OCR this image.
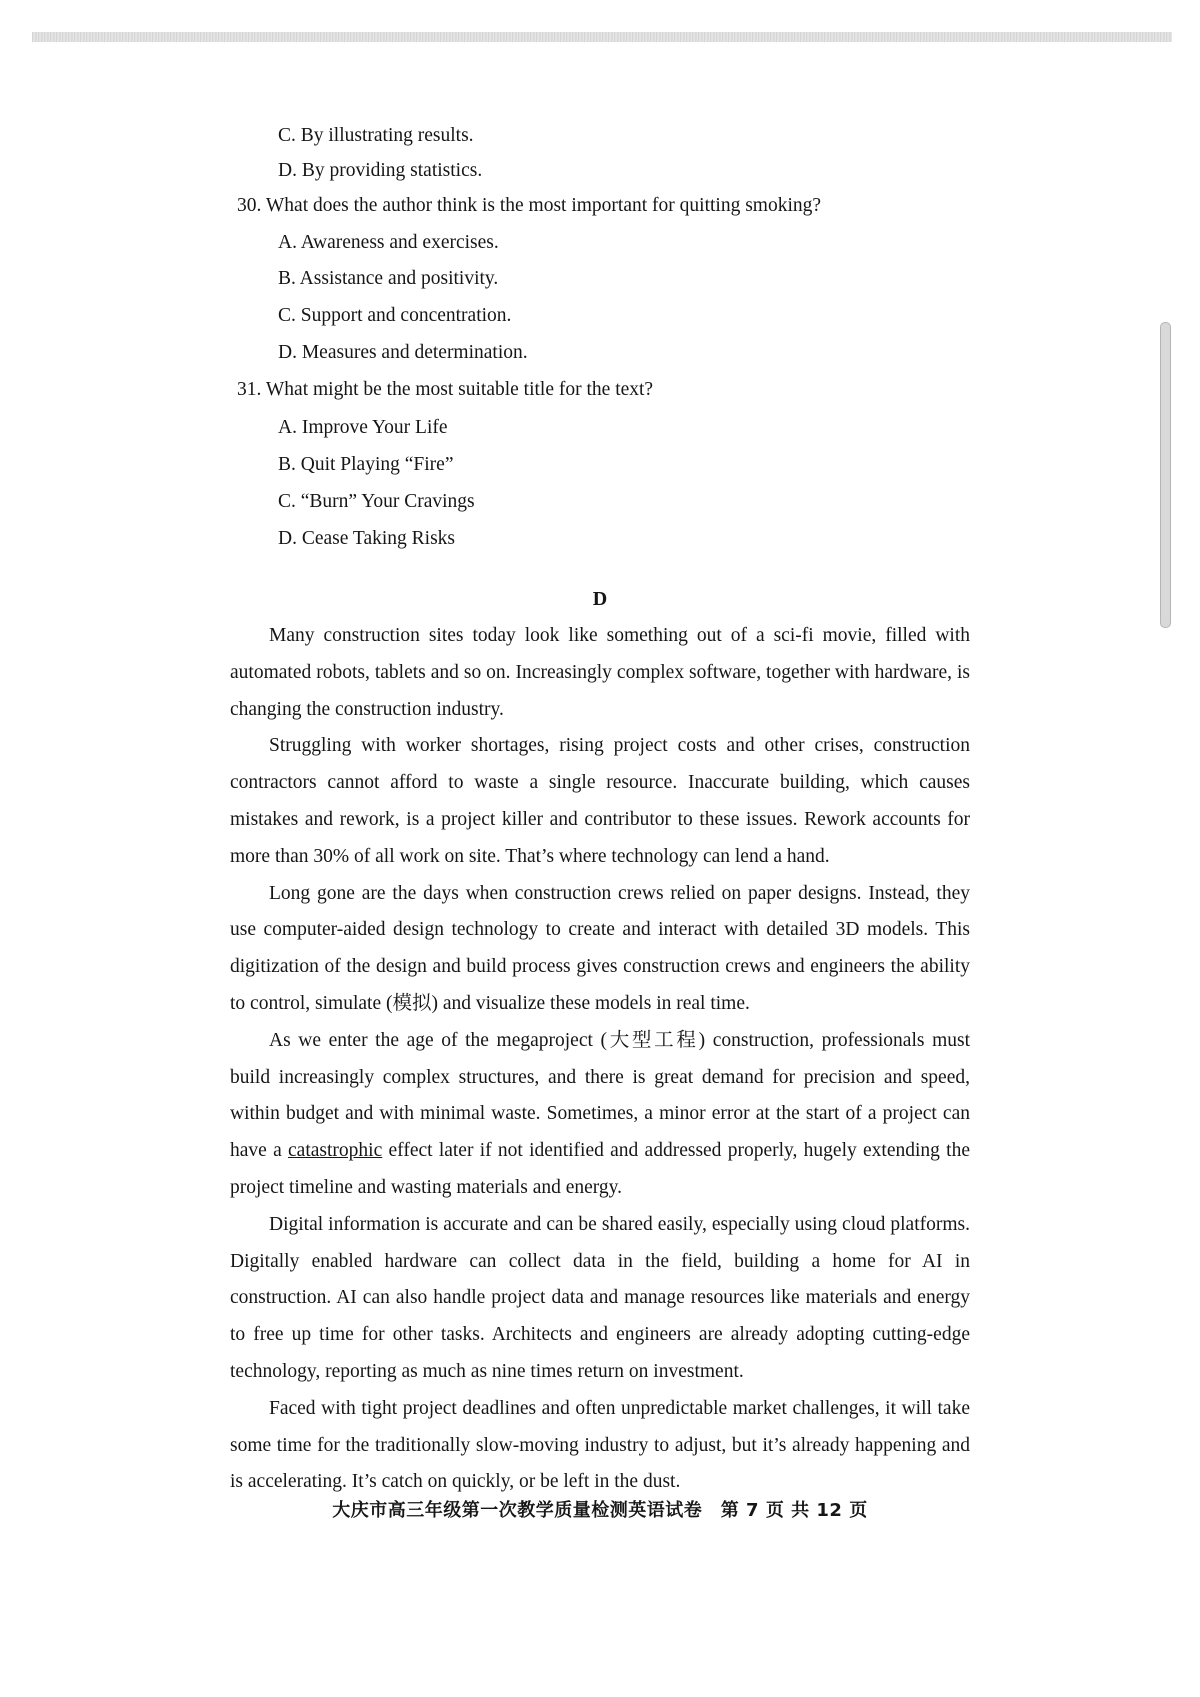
C. By illustrating results.
D. By providing statistics.
30. What does the author think is the most important for quitting smoking?
A. Awareness and exercises.
B. Assistance and positivity.
C. Support and concentration.
D. Measures and determination.
31. What might be the most suitable title for the text?
A. Improve Your Life
B. Quit Playing “Fire”
C. “Burn” Your Cravings
D. Cease Taking Risks
D

Many construction sites today look like something out of a sci-fi movie, filled with automated robots, tablets and so on. Increasingly complex software, together with hardware, is changing the construction industry.

Struggling with worker shortages, rising project costs and other crises, construction contractors cannot afford to waste a single resource. Inaccurate building, which causes mistakes and rework, is a project killer and contributor to these issues. Rework accounts for more than 30% of all work on site. That’s where technology can lend a hand.

Long gone are the days when construction crews relied on paper designs. Instead, they use computer-aided design technology to create and interact with detailed 3D models. This digitization of the design and build process gives construction crews and engineers the ability to control, simulate (模拟) and visualize these models in real time.

As we enter the age of the megaproject (大型工程) construction, professionals must build increasingly complex structures, and there is great demand for precision and speed, within budget and with minimal waste. Sometimes, a minor error at the start of a project can have a catastrophic effect later if not identified and addressed properly, hugely extending the project timeline and wasting materials and energy.

Digital information is accurate and can be shared easily, especially using cloud platforms. Digitally enabled hardware can collect data in the field, building a home for AI in construction. AI can also handle project data and manage resources like materials and energy to free up time for other tasks. Architects and engineers are already adopting cutting-edge technology, reporting as much as nine times return on investment.

Faced with tight project deadlines and often unpredictable market challenges, it will take some time for the traditionally slow-moving industry to adjust, but it’s already happening and is accelerating. It’s catch on quickly, or be left in the dust.

大庆市高三年级第一次教学质量检测英语试卷　第 7 页 共 12 页
